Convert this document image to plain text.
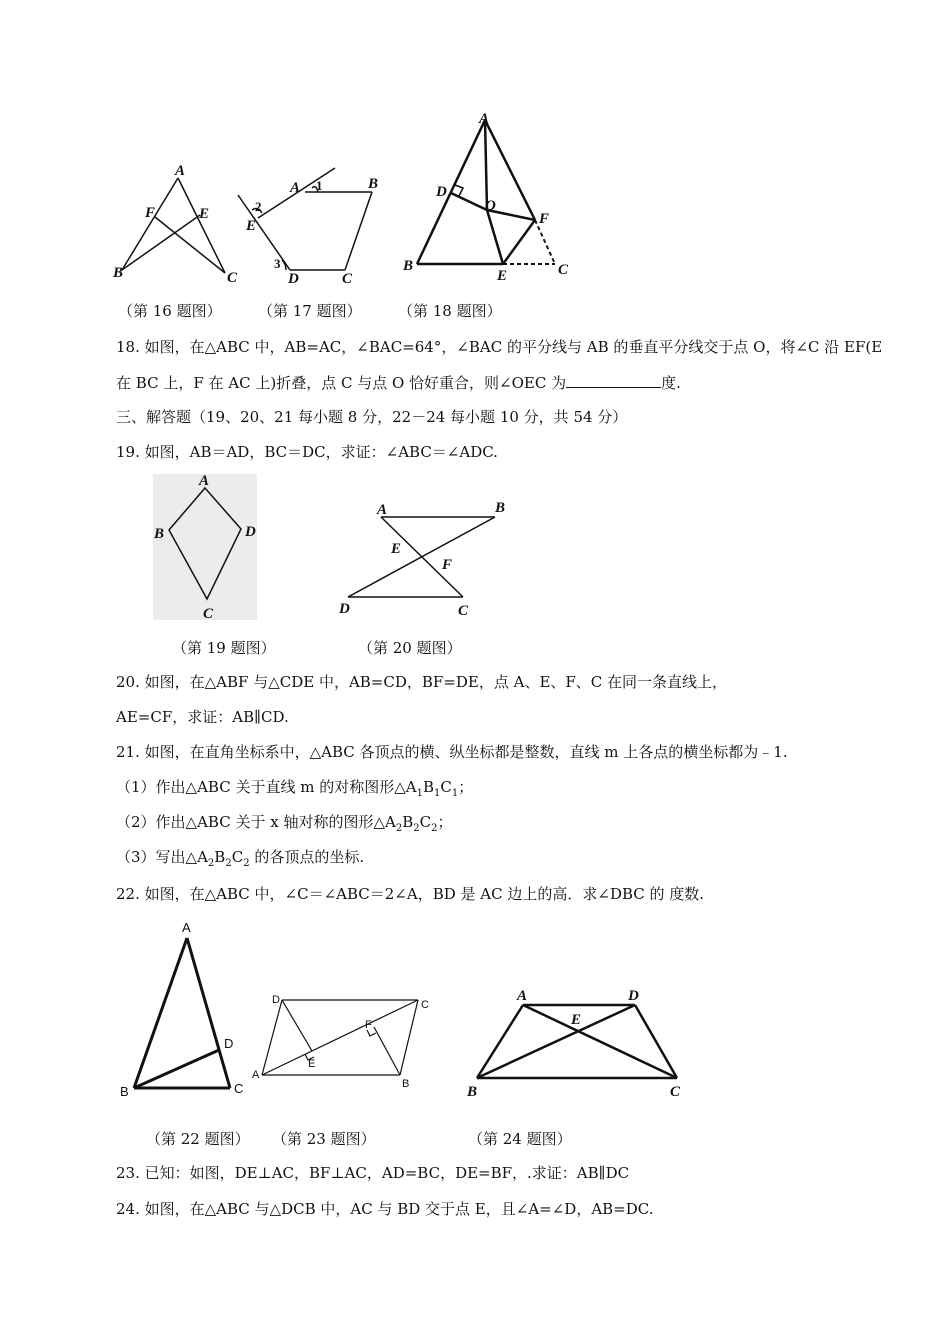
A
B	C
E
F
（第 16 题图）
A	B
C
D
E
1
2
3
（第 17 题图）
A
B	C
D
E
F
O
（第 18 题图）
18. 如图，在△ABC 中，AB=AC，∠BAC=64°，∠BAC 的平分线与 AB 的垂直平分线交于点 O，将∠C 沿 EF(E
在 BC 上，F 在 AC 上)折叠，点 C 与点 O 恰好重合，则∠OEC 为	度.
三、解答题（19、20、21 每小题 8 分，22－24 每小题 10 分，共 54 分）
19. 如图，AB＝AD，BC＝DC，求证：∠ABC＝∠ADC.
A
B
C
D
（第 19 题图）
A	B
C
D
E
F
（第 20 题图）
20. 如图，在△ABF 与△CDE 中，AB=CD，BF=DE，点 A、E、F、C 在同一条直线上，
AE=CF，求证：AB∥CD.
21. 如图，在直角坐标系中，△ABC 各顶点的横、纵坐标都是整数，直线 m 上各点的横坐标都为﹣1.
（1）作出△ABC 关于直线 m 的对称图形$\triangle A_1B_1C_1$；
（2）作出△ABC 关于 x 轴对称的图形$\triangle A_2B_2C_2$；
（3）写出$\triangle A_2B_2C_2$ 的各顶点的坐标.
22. 如图，在△ABC 中，∠C＝∠ABC＝2∠A，BD 是 AC 边上的高．求∠DBC 的 度数.
A
B	C
D
（第 22 题图）
D	C
A
B
E
F
（第 23 题图）
A
B	C
D
E
（第 24 题图）
23. 已知：如图，DE⊥AC，BF⊥AC，AD=BC，DE=BF，.求证：AB∥DC
24. 如图，在△ABC 与△DCB 中，AC 与 BD 交于点 E，且∠A=∠D，AB=DC.
